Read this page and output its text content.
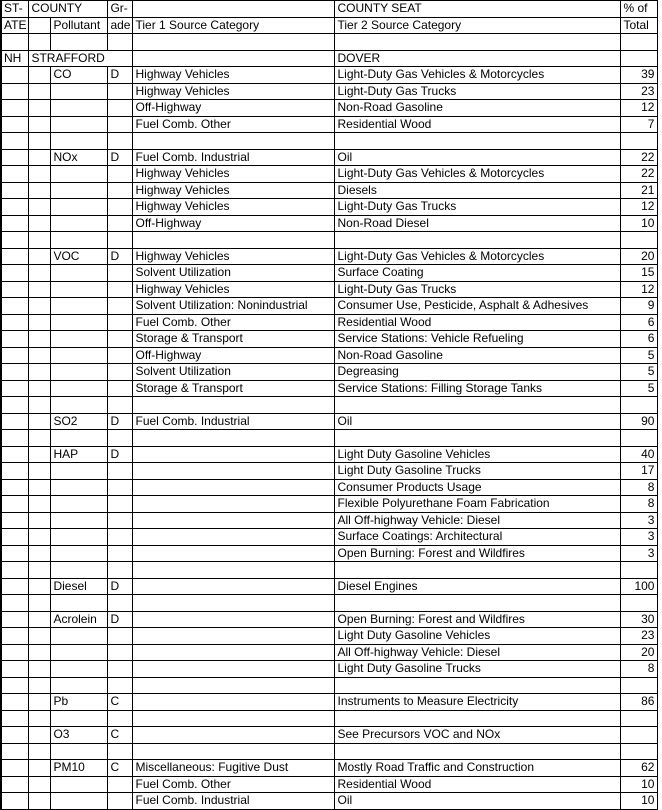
ST-	COUNTY		Gr-		COUNTY SEAT	% of
ATE		Pollutant	ade	Tier 1 Source Category	Tier 2 Source Category	Total

NH	STRAFFORD				DOVER	
		CO	D	Highway Vehicles	Light-Duty Gas Vehicles & Motorcycles	39
				Highway Vehicles	Light-Duty Gas Trucks	23
				Off-Highway	Non-Road Gasoline	12
				Fuel Comb. Other	Residential Wood	7

		NOx	D	Fuel Comb. Industrial	Oil	22
				Highway Vehicles	Light-Duty Gas Vehicles & Motorcycles	22
				Highway Vehicles	Diesels	21
				Highway Vehicles	Light-Duty Gas Trucks	12
				Off-Highway	Non-Road Diesel	10

		VOC	D	Highway Vehicles	Light-Duty Gas Vehicles & Motorcycles	20
				Solvent Utilization	Surface Coating	15
				Highway Vehicles	Light-Duty Gas Trucks	12
				Solvent Utilization: Nonindustrial	Consumer Use, Pesticide, Asphalt & Adhesives	9
				Fuel Comb. Other	Residential Wood	6
				Storage & Transport	Service Stations: Vehicle Refueling	6
				Off-Highway	Non-Road Gasoline	5
				Solvent Utilization	Degreasing	5
				Storage & Transport	Service Stations: Filling Storage Tanks	5

		SO2	D	Fuel Comb. Industrial	Oil	90

		HAP	D		Light Duty Gasoline Vehicles	40
					Light Duty Gasoline Trucks	17
					Consumer Products Usage	8
					Flexible Polyurethane Foam Fabrication	8
					All Off-highway Vehicle: Diesel	3
					Surface Coatings: Architectural	3
					Open Burning: Forest and Wildfires	3

		Diesel	D		Diesel Engines	100

		Acrolein	D		Open Burning: Forest and Wildfires	30
					Light Duty Gasoline Vehicles	23
					All Off-highway Vehicle: Diesel	20
					Light Duty Gasoline Trucks	8

		Pb	C		Instruments to Measure Electricity	86

		O3	C		See Precursors VOC and NOx	

		PM10	C	Miscellaneous: Fugitive Dust	Mostly Road Traffic and Construction	62
				Fuel Comb. Other	Residential Wood	10
				Fuel Comb. Industrial	Oil	10
